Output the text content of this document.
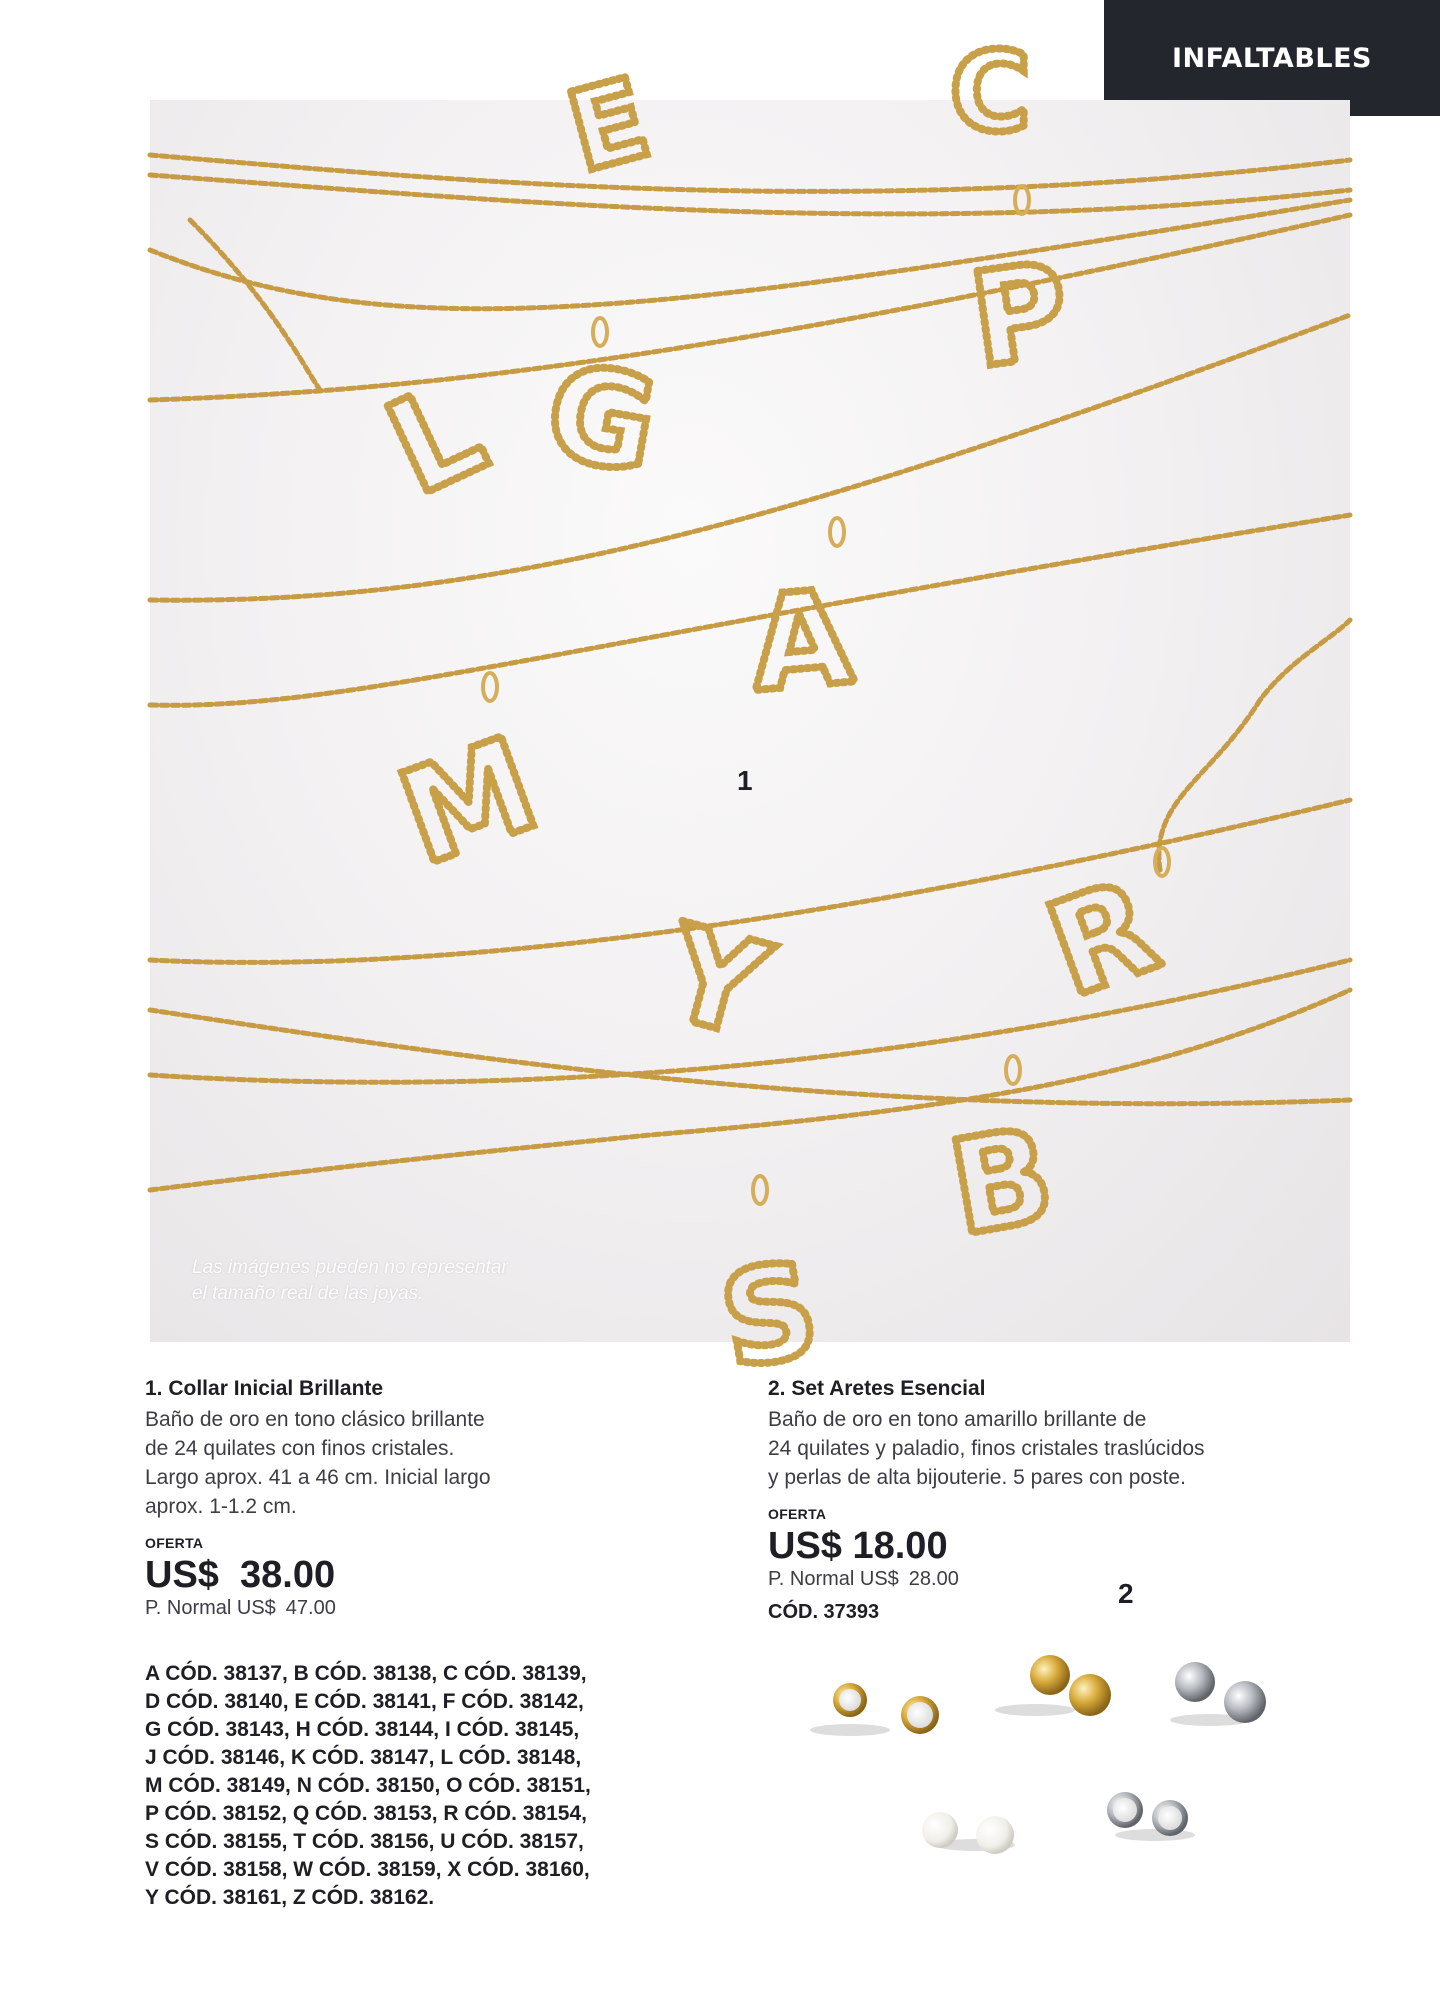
INFALTABLES
E	C
P
L G
A
M
Y R
B
S
1
Las imágenes pueden no representar
el tamaño real de las joyas.
1. Collar Inicial Brillante
Baño de oro en tono clásico brillante
de 24 quilates con finos cristales.
Largo aprox. 41 a 46 cm. Inicial largo
aprox. 1-1.2 cm.
OFERTA
US$  38.00
P. Normal US$ 47.00
A CÓD. 38137, B CÓD. 38138, C CÓD. 38139,
D CÓD. 38140, E CÓD. 38141, F CÓD. 38142,
G CÓD. 38143, H CÓD. 38144, I CÓD. 38145,
J CÓD. 38146, K CÓD. 38147, L CÓD. 38148,
M CÓD. 38149, N CÓD. 38150, O CÓD. 38151,
P CÓD. 38152, Q CÓD. 38153, R CÓD. 38154,
S CÓD. 38155, T CÓD. 38156, U CÓD. 38157,
V CÓD. 38158, W CÓD. 38159, X CÓD. 38160,
Y CÓD. 38161, Z CÓD. 38162.
2. Set Aretes Esencial
Baño de oro en tono amarillo brillante de
24 quilates y paladio, finos cristales traslúcidos
y perlas de alta bijouterie. 5 pares con poste.
OFERTA
US$ 18.00
P. Normal US$ 28.00
CÓD. 37393
2
